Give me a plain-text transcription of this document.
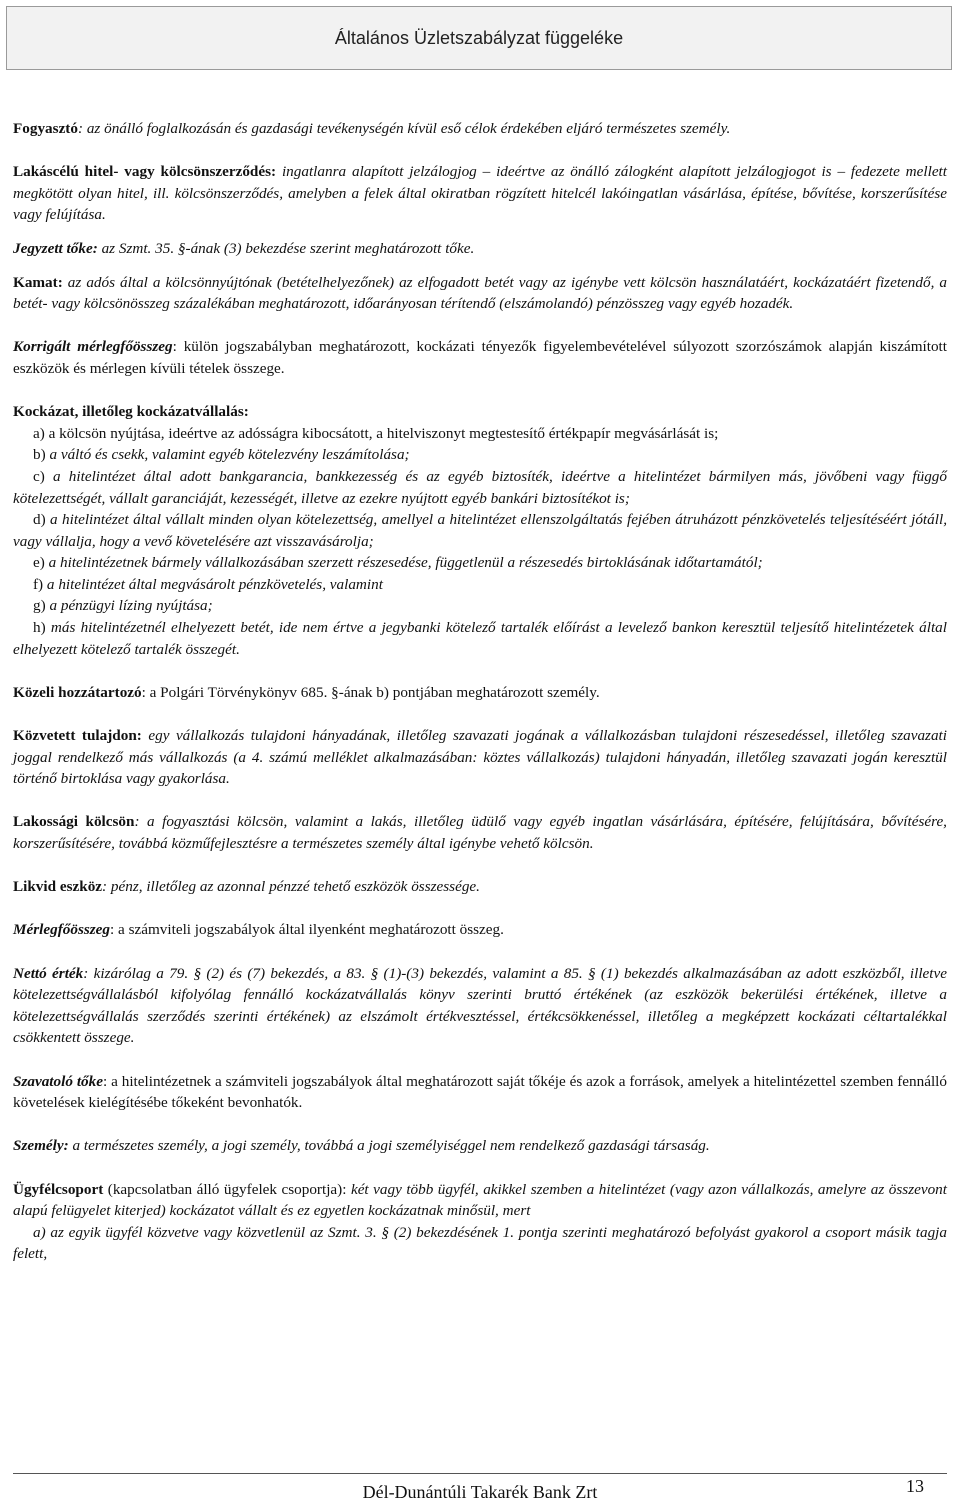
Általános Üzletszabályzat függeléke

Fogyasztó: az önálló foglalkozásán és gazdasági tevékenységén kívül eső célok érdekében eljáró természetes személy.

Lakáscélú hitel- vagy kölcsönszerződés: ingatlanra alapított jelzálogjog – ideértve az önálló zálogként alapított jelzálogjogot is – fedezete mellett megkötött olyan hitel, ill. kölcsönszerződés, amelyben a felek által okiratban rögzített hitelcél lakóingatlan vásárlása, építése, bővítése, korszerűsítése vagy felújítása.

Jegyzett tőke: az Szmt. 35. §-ának (3) bekezdése szerint meghatározott tőke.

Kamat: az adós által a kölcsönnyújtónak (betételhelyezőnek) az elfogadott betét vagy az igénybe vett kölcsön használatáért, kockázatáért fizetendő, a betét- vagy kölcsönösszeg százalékában meghatározott, időarányosan térítendő (elszámolandó) pénzösszeg vagy egyéb hozadék.

Korrigált mérlegfőösszeg: külön jogszabályban meghatározott, kockázati tényezők figyelembevételével súlyozott szorzószámok alapján kiszámított eszközök és mérlegen kívüli tételek összege.

Kockázat, illetőleg kockázatvállalás:

a) a kölcsön nyújtása, ideértve az adósságra kibocsátott, a hitelviszonyt megtestesítő értékpapír megvásárlását is;

b) a váltó és csekk, valamint egyéb kötelezvény leszámítolása;

c) a hitelintézet által adott bankgarancia, bankkezesség és az egyéb biztosíték, ideértve a hitelintézet bármilyen más, jövőbeni vagy függő kötelezettségét, vállalt garanciáját, kezességét, illetve az ezekre nyújtott egyéb bankári biztosítékot is;

d) a hitelintézet által vállalt minden olyan kötelezettség, amellyel a hitelintézet ellenszolgáltatás fejében átruházott pénzkövetelés teljesítéséért jótáll, vagy vállalja, hogy a vevő követelésére azt visszavásárolja;

e) a hitelintézetnek bármely vállalkozásában szerzett részesedése, függetlenül a részesedés birtoklásának időtartamától;

f) a hitelintézet által megvásárolt pénzkövetelés, valamint

g) a pénzügyi lízing nyújtása;

h) más hitelintézetnél elhelyezett betét, ide nem értve a jegybanki kötelező tartalék előírást a levelező bankon keresztül teljesítő hitelintézetek által elhelyezett kötelező tartalék összegét.

Közeli hozzátartozó: a Polgári Törvénykönyv 685. §-ának b) pontjában meghatározott személy.

Közvetett tulajdon: egy vállalkozás tulajdoni hányadának, illetőleg szavazati jogának a vállalkozásban tulajdoni részesedéssel, illetőleg szavazati joggal rendelkező más vállalkozás (a 4. számú melléklet alkalmazásában: köztes vállalkozás) tulajdoni hányadán, illetőleg szavazati jogán keresztül történő birtoklása vagy gyakorlása.

Lakossági kölcsön: a fogyasztási kölcsön, valamint a lakás, illetőleg üdülő vagy egyéb ingatlan vásárlására, építésére, felújítására, bővítésére, korszerűsítésére, továbbá közműfejlesztésre a természetes személy által igénybe vehető kölcsön.

Likvid eszköz: pénz, illetőleg az azonnal pénzzé tehető eszközök összessége.

Mérlegfőösszeg: a számviteli jogszabályok által ilyenként meghatározott összeg.

Nettó érték: kizárólag a 79. § (2) és (7) bekezdés, a 83. § (1)-(3) bekezdés, valamint a 85. § (1) bekezdés alkalmazásában az adott eszközből, illetve kötelezettségvállalásból kifolyólag fennálló kockázatvállalás könyv szerinti bruttó értékének (az eszközök bekerülési értékének, illetve a kötelezettségvállalás szerződés szerinti értékének) az elszámolt értékvesztéssel, értékcsökkenéssel, illetőleg a megképzett kockázati céltartalékkal csökkentett összege.

Szavatoló tőke: a hitelintézetnek a számviteli jogszabályok által meghatározott saját tőkéje és azok a források, amelyek a hitelintézettel szemben fennálló követelések kielégítésébe tőkeként bevonhatók.

Személy: a természetes személy, a jogi személy, továbbá a jogi személyiséggel nem rendelkező gazdasági társaság.

Ügyfélcsoport (kapcsolatban álló ügyfelek csoportja): két vagy több ügyfél, akikkel szemben a hitelintézet (vagy azon vállalkozás, amelyre az összevont alapú felügyelet kiterjed) kockázatot vállalt és ez egyetlen kockázatnak minősül, mert

a) az egyik ügyfél közvetve vagy közvetlenül az Szmt. 3. § (2) bekezdésének 1. pontja szerinti meghatározó befolyást gyakorol a csoport másik tagja felett,

Dél-Dunántúli Takarék Bank Zrt	13
